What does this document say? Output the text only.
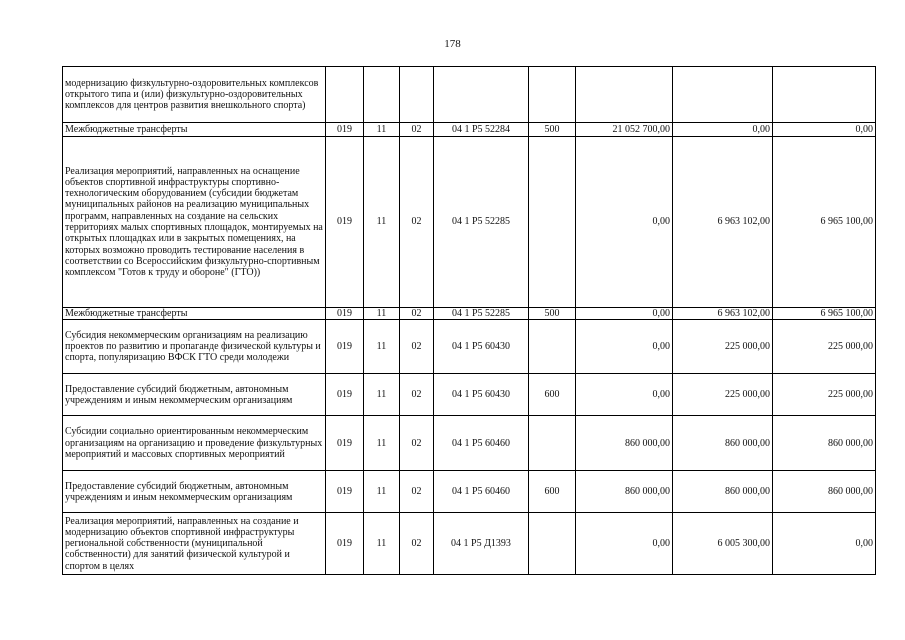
178
модернизацию физкультурно-оздоровительных комплексов открытого типа и (или) физкультурно-оздоровительных комплексов для центров развития внешкольного спорта)								
Межбюджетные трансферты	019	11	02	04 1 Р5 52284	500	21 052 700,00	0,00	0,00
Реализация мероприятий, направленных на оснащение объектов спортивной инфраструктуры спортивно-технологическим оборудованием (субсидии бюджетам муниципальных районов на реализацию муниципальных программ, направленных на создание на сельских территориях малых спортивных площадок, монтируемых на открытых площадках или в закрытых помещениях, на которых возможно проводить тестирование населения в соответствии со Всероссийским физкультурно-спортивным комплексом "Готов к труду и обороне" (ГТО))	019	11	02	04 1 Р5 52285		0,00	6 963 102,00	6 965 100,00
Межбюджетные трансферты	019	11	02	04 1 Р5 52285	500	0,00	6 963 102,00	6 965 100,00
Субсидия некоммерческим организациям на реализацию проектов по развитию и пропаганде физической культуры и спорта, популяризацию ВФСК ГТО среди молодежи	019	11	02	04 1 Р5 60430		0,00	225 000,00	225 000,00
Предоставление субсидий бюджетным, автономным учреждениям и иным некоммерческим организациям	019	11	02	04 1 Р5 60430	600	0,00	225 000,00	225 000,00
Субсидии социально ориентированным некоммерческим организациям на организацию и проведение физкультурных мероприятий и массовых спортивных мероприятий	019	11	02	04 1 Р5 60460		860 000,00	860 000,00	860 000,00
Предоставление субсидий бюджетным, автономным учреждениям и иным некоммерческим организациям	019	11	02	04 1 Р5 60460	600	860 000,00	860 000,00	860 000,00
Реализация мероприятий, направленных на создание и модернизацию объектов спортивной инфраструктуры региональной собственности (муниципальной собственности) для занятий физической культурой и спортом в целях	019	11	02	04 1 Р5 Д1393		0,00	6 005 300,00	0,00
